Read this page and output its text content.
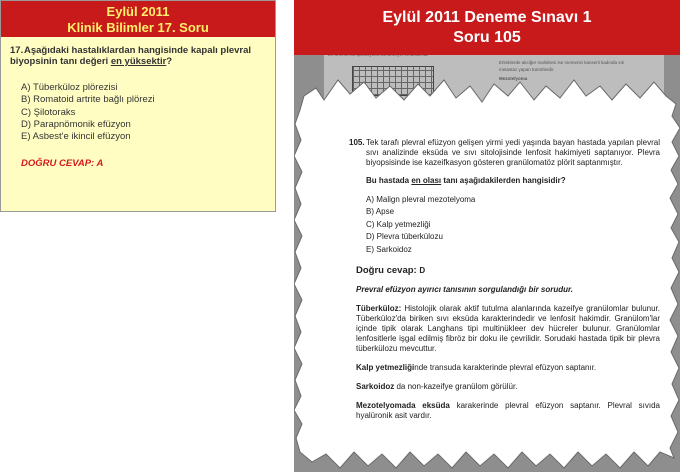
Eylül 2011
Klinik Bilimler 17. Soru
17.Aşağıdaki hastalıklardan hangisinde kapalı plevral biyopsinin tanı değeri en yüksektir?
A) Tüberküloz plörezisi
B) Romatoid artrite bağlı plörezi
C) Şilotoraks
D) Parapnömonik efüzyon
E) Asbest'e ikincil efüzyon
DOĞRU CEVAP: A
Erkeklerde akciğer malinitesi ise memenin kanserli kadında sık
metastaz yapan tümörlerdir.
Mezotelyoma
Eylül 2011 Deneme Sınavı 1
Soru 105
105. Tek tarafı plevral efüzyon gelişen yirmi yedi yaşında bayan hastada yapılan plevral sıvı analizinde eksüda ve sıvı sitolojisinde lenfosit hakimiyeti saptanıyor. Plevra biyopsisinde ise kazeifkasyon gösteren granülomatöz plörit saptanmıştır.
Bu hastada en olası tanı aşağıdakilerden hangisidir?
A) Malign plevral mezotelyoma
B) Apse
C) Kalp yetmezliği
D) Plevra tüberkülozu
E) Sarkoidoz
Doğru cevap: D
Prevral efüzyon ayırıcı tanısının sorgulandığı bir sorudur.
Tüberküloz: Histolojik olarak aktif tutulma alanlarında kazeifye granülomlar bulunur. Tüberküloz'da biriken sıvı eksüda karakterindedir ve lenfosit hakimdir. Granülom'lar içinde tipik olarak Langhans tipi multinükleer dev hücreler bulunur. Granülomlar lenfositlerle işgal edilmiş fibröz bir doku ile çevrilidir. Sorudaki hastada tipik bir plevra tüberkülozu mevcuttur.
Kalp yetmezliğinde transuda karakterinde plevral efüzyon saptanır.
Sarkoidoz da non-kazeifye granülom görülür.
Mezotelyomada eksüda karakerinde plevral efüzyon saptanır. Plevral sıvıda hyalüronik asit vardır.
